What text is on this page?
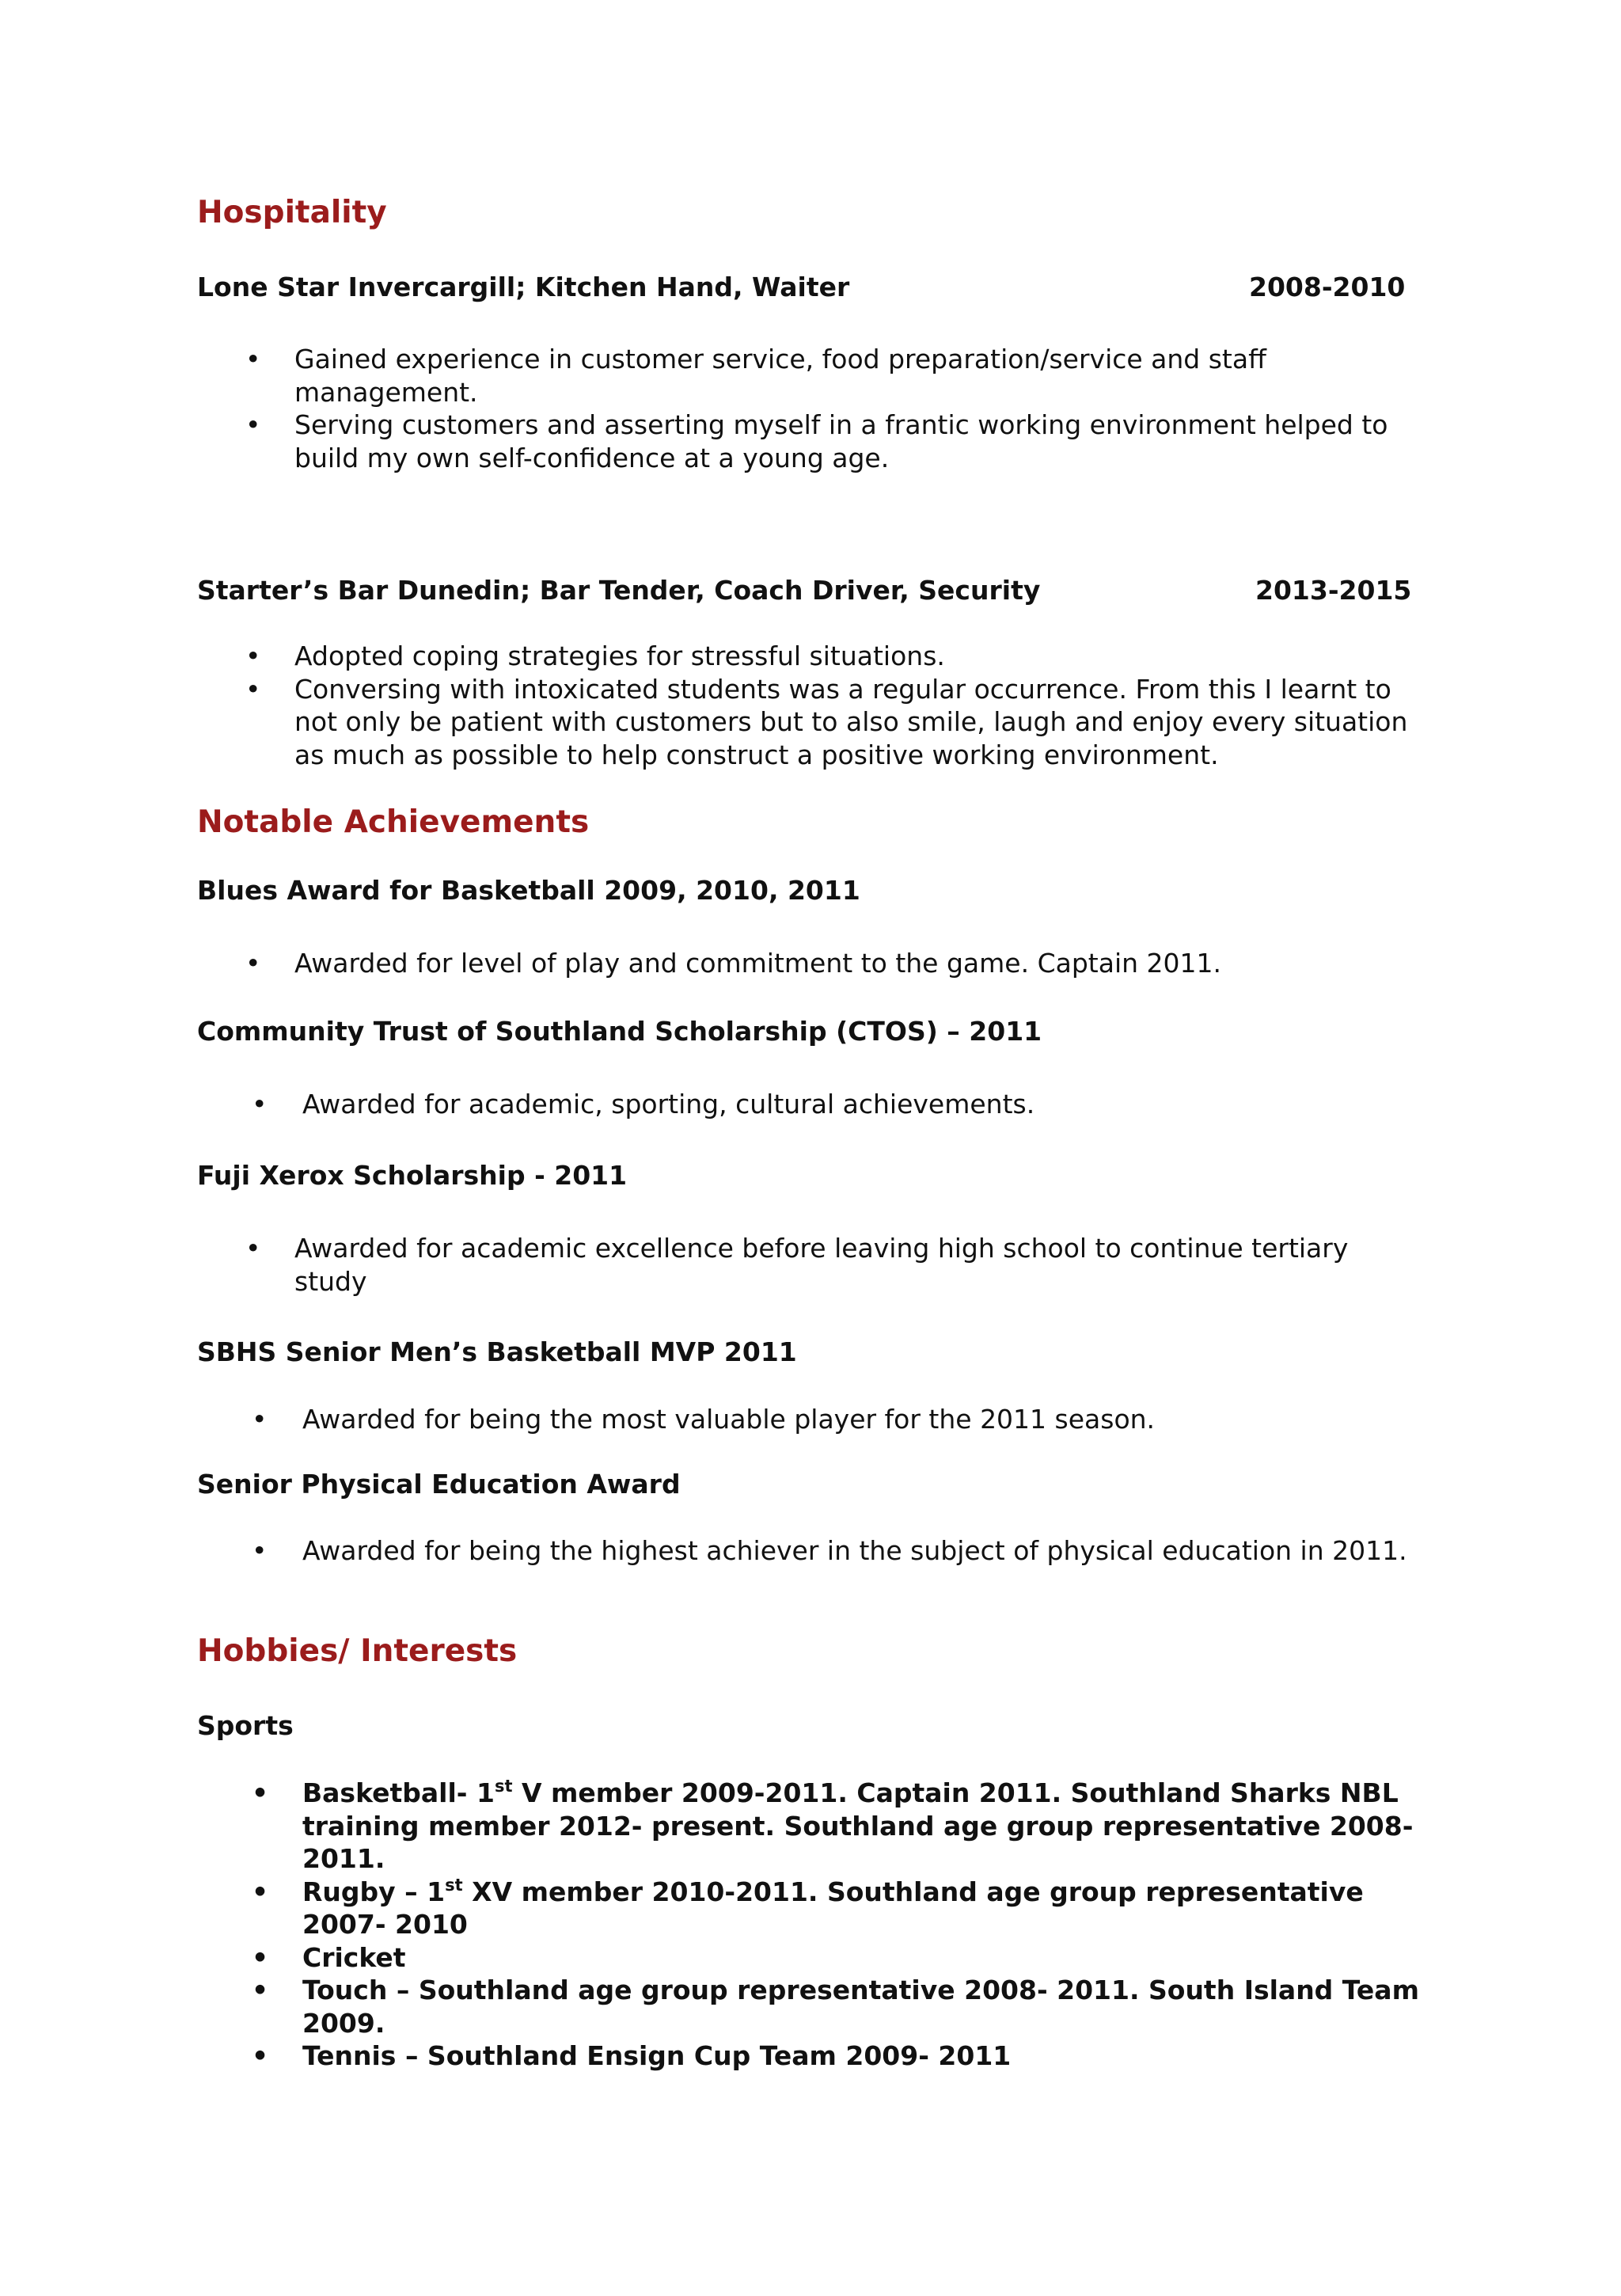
Hospitality
Lone Star Invercargill; Kitchen Hand, Waiter	2008-2010
• Gained experience in customer service, food preparation/service and staff management.
• Serving customers and asserting myself in a frantic working environment helped to build my own self-confidence at a young age.
Starter’s Bar Dunedin; Bar Tender, Coach Driver, Security	2013-2015
• Adopted coping strategies for stressful situations.
• Conversing with intoxicated students was a regular occurrence. From this I learnt to not only be patient with customers but to also smile, laugh and enjoy every situation as much as possible to help construct a positive working environment.
Notable Achievements
Blues Award for Basketball 2009, 2010, 2011
• Awarded for level of play and commitment to the game. Captain 2011.
Community Trust of Southland Scholarship (CTOS) – 2011
• Awarded for academic, sporting, cultural achievements.
Fuji Xerox Scholarship - 2011
• Awarded for academic excellence before leaving high school to continue tertiary study
SBHS Senior Men’s Basketball MVP 2011
• Awarded for being the most valuable player for the 2011 season.
Senior Physical Education Award
• Awarded for being the highest achiever in the subject of physical education in 2011.
Hobbies/ Interests
Sports
• Basketball- 1st V member 2009-2011. Captain 2011. Southland Sharks NBL training member 2012- present. Southland age group representative 2008- 2011.
• Rugby – 1st XV member 2010-2011. Southland age group representative 2007- 2010
• Cricket
• Touch – Southland age group representative 2008- 2011. South Island Team 2009.
• Tennis – Southland Ensign Cup Team 2009- 2011
